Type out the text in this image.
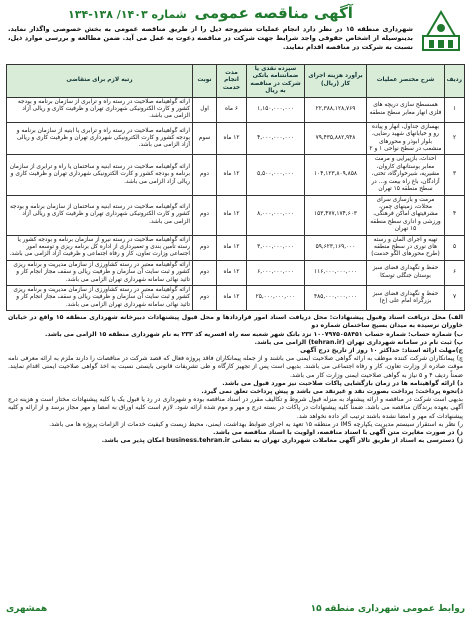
آگهی مناقصه عمومی
شماره ۱۴۰۳/ ۱۳۸-۱۳۴
شهرداری منطقه ۱۵ در نظر دارد انجام عملیات مشروحه ذیل را از طریق مناقصه عمومی به بخش خصوصی واگذار نماید. بدینوسیله از اشخاص حقوقی واجد شرایط جهت شرکت در مناقصه دعوت به عمل می آید. ضمن مطالعه و بررسی موارد ذیل، نسبت به شرکت در مناقصه اقدام نمایند.
ردیف	شرح مختصر عملیات	برآورد هزینه اجرای کار (ریال)	سپرده نقدی یا ضمانتنامه بانکی شرکت در مناقصه به ریال	مدت انجام خدمت	نوبت	رتبه لازم برای متقاضی
۱	هسسطح سازی دریچه های فلزی انهار معابر سطح منطقه	۲۲,۳۸۸,۱۲۸,۷۶۹	۱,۱۵۰,۰۰۰,۰۰۰	۶ ماه	اول	ارائه گواهینامه صلاحیت در رسته راه و ترابری از سازمان برنامه و بودجه کشور و کارت الکترونیکی شهرداری تهران و ظرفیت کاری و ریالی آزاد الزامی می باشد.
۲	بهسازی جداول، انهار و پیاده رو و خیابانهای شهید رضایی، بلوار ابوذر و محورهای منشعب در سطح نواحی ۱ و ۲	۷۹,۴۳۵,۸۸۲,۹۴۸	۴,۰۰۰,۰۰۰,۰۰۰	۱۲ ماه	سوم	ارائه گواهینامه صلاحیت در رسته راه و ترابری یا ابنیه از سازمان برنامه و بودجه کشور و کارت الکترونیکی شهرداری تهران و ظرفیت کاری و ریالی آزاد الزامی می باشد.
۳	احداث، بازپیرایی و مرمت معابر بوستانهای کاروان، مشیریه، شیرخوارگاه، تختی، آزادگان، باغ راه بیعت و... در سطح منطقه ۱۵ تهران	۱۰۴,۱۲۳,۸۰۹,۸۵۸	۵,۵۰۰,۰۰۰,۰۰۰	۱۲ ماه	دوم	ارائه گواهینامه صلاحیت در رسته ابنیه و ساختمان یا راه و ترابری از سازمان برنامه و بودجه کشور و کارت الکترونیکی شهرداری تهران و ظرفیت کاری و ریالی آزاد الزامی می باشد.
۴	مرمت و بازسازی سرای محلات، زمینهای چمن، مشرفیتهای اماکن فرهنگی، ورزشی و اداری سطح منطقه ۱۵ تهران	۱۵۳,۴۷۷,۱۷۴,۶۰۳	۸,۰۰۰,۰۰۰,۰۰۰	۱۲ ماه	دوم	ارائه گواهینامه صلاحیت در رسته ابنیه و ساختمان از سازمان برنامه و بودجه کشور و کارت الکترونیکی شهرداری تهران و ظرفیت کاری و ریالی آزاد الزامی می باشد.
۵	تهیه و اجرای المان و رسته های نوری در سطح منطقه (طرح محورهای الگو خدمت)	۵۹,۶۲۳,۱۶۹,۰۰۰	۳,۰۰۰,۰۰۰,۰۰۰	۱۲ ماه	دوم	ارائه گواهینامه صلاحیت در رسته نیرو از سازمان برنامه و بودجه کشور یا رسته تأمین بندی و تعمیرداری از اداره کل برنامه ریزی و توسعه امور اجتماعی وزارت تعاون، کار و رفاه اجتماعی و ظرفیت آزاد الزامی می باشد.
۶	حفظ و نگهداری فضای سبز بوستان جنگلی توسکا	۱۱۶,۰۰۰,۰۰۰,۰۰۰	۶,۰۰۰,۰۰۰,۰۰۰	۱۲ ماه	دوم	ارائه گواهینامه معتبر در رسته کشاورزی از سازمان مدیریت و برنامه ریزی کشور و ثبت سایت آن سازمان و ظرفیت ریالی و سقف مجاز انجام کار و تائید نهائی سامانه شهرداری تهران الزامی می باشد.
۷	حفظ و نگهداری فضای سبز بزرگراه امام علی (ع)	۴۸۵,۰۰۰,۰۰۰,۰۰۰	۲۵,۰۰۰,۰۰۰,۰۰۰	۱۲ ماه	دوم	ارائه گواهینامه معتبر در رسته کشاورزی از سازمان مدیریت و برنامه ریزی کشور و ثبت سایت آن سازمان و ظرفیت ریالی و سقف مجاز انجام کار و تائید نهائی سامانه شهرداری تهران الزامی می باشد.

الف) محل دریافت اسناد وقبول پیشنهادات: محل دریافت اسناد امور قراردادها و محل قبول پیشنهادات دبیرخانه شهرداری منطقه ۱۵ واقع در خیابان خاوران نرسیده به میدان بسیج ساختمان شماره دو

ب) شماره حساب: شماره حساب ۱۰۰۷۹۷۵۰۵۸۴۵۱ نزد بانک شهر شعبه سه راه افسریه کد ۲۳۳ به نام شهرداری منطقه ۱۵ الزامی می باشد.

پ) ثبت نام در سامانه شهرداری تهران (tehran.ir) الزامی می باشد.

ج)مهلت ارائه اسناد: حداکثر ۱۰ روز از تاریخ درج آگهی

چ) پیمانکاران شرکت کننده موظف به ارائه گواهی صلاحیت ایمنی می باشند و از جمله پیمانکاران فاقد پروژه فعال که قصد شرکت در مناقصات را دارند ملزم به ارائه معرفی نامه موقت صادره از وزارت تعاون، کار و رفاه اجتماعی می باشند. بدیهی است پس از تجهیز کارگاه و طی تشریفات قانونی بایستی نسبت به اخذ گواهی صلاحیت ایمنی اقدام نمایند. ضمناً ردیف ۴ و ۵ نیاز به گواهی صلاحیت ایمنی وزارت کار می باشد.

د) ارائه گواهینامه ها در زمان بازگشایی پاکات صلاحیت نیز مورد قبول می باشد.

ذ)نحوه پرداخت: پرداخت بصورت نقد و غیرنقد می باشد و پیش پرداخت تعلق نمی گیرد.

بدیهی است شرکت در مناقصه و ارائه پیشنهاد به منزله قبول شروط و تکالیف مقرر در اسناد مناقصه بوده و شهرداری در رد یا قبول یک یا کلیه پیشنهادات مختار است و هزینه درج آگهی بعهده برندگان مناقصه می باشد. ضمناً کلیه پیشنهادات در پاکات در بسته درج و مهر و موم شده ارائه شود. لازم است کلیه اوراق به امضا و مهر مجاز برسد و از ارائه و کلیه پیشنهادات که مهر و امضا نشده باشند ترتیب اثر داده نخواهد شد.

ر) نظر به استقرار سیستم مدیریت یکپارچه IMS در منطقه ۱۵ تعهد به اجرای ضوابط بهداشت، ایمنی، محیط زیست و کیفیت خدمات از الزامات پروژه ها می باشد.

ز) در صورت مغایرت متن آگهی با اسناد مناقصه، اولویت با اسناد مناقصه می باشد.

ژ) دسترسی به اسناد از طریق تالار آگهی معاملات شهرداری تهران به نشانی business.tehran.ir امکان پذیر می باشد.

روابط عمومی شهرداری منطقه ۱۵
همشهری
